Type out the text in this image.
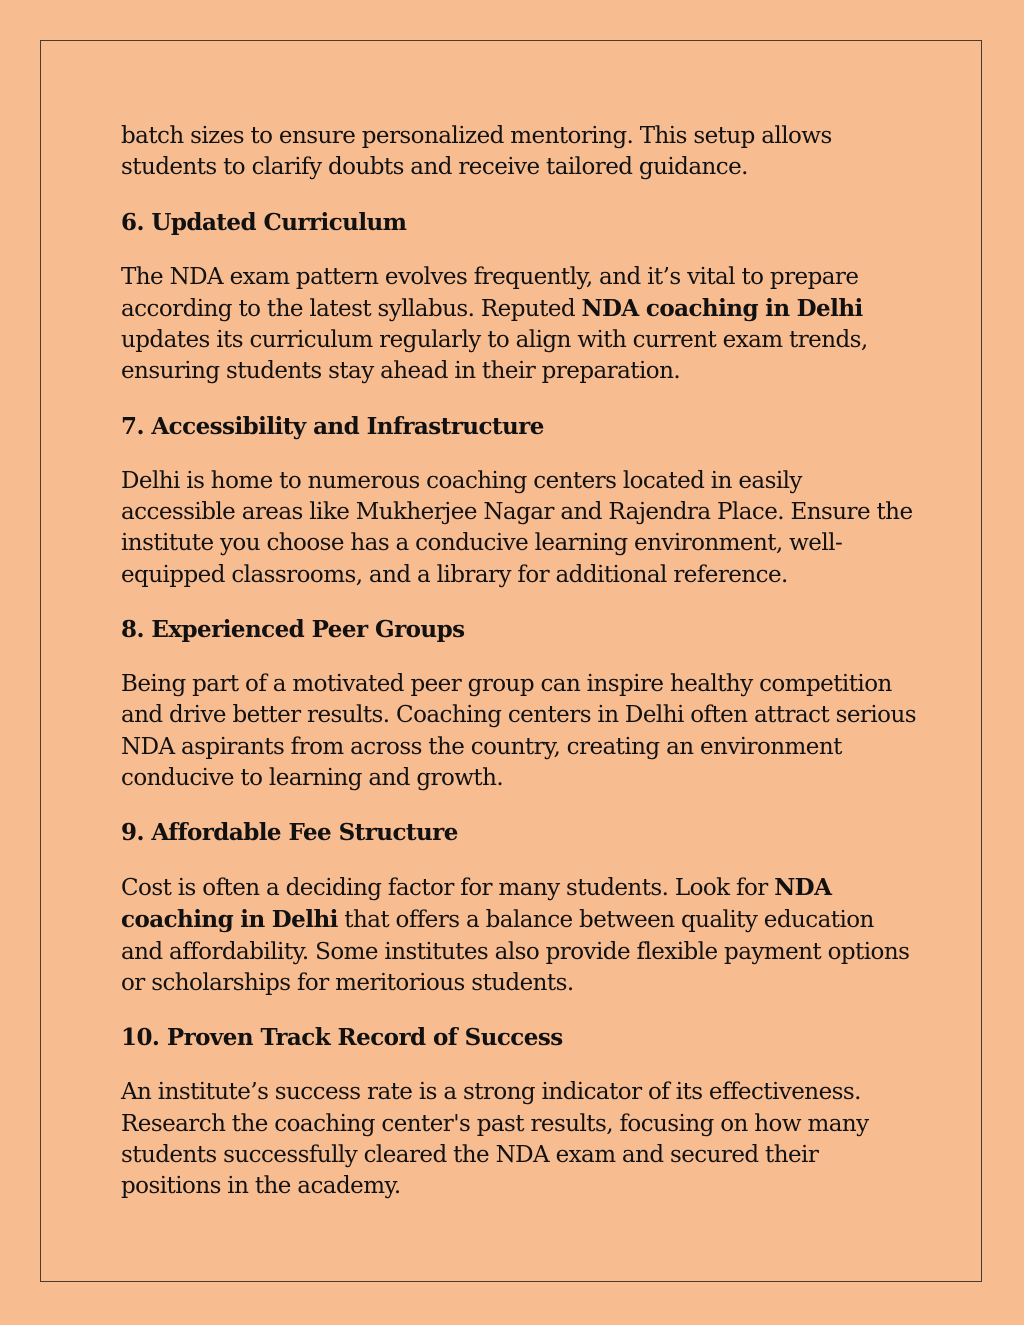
batch sizes to ensure personalized mentoring. This setup allows students to clarify doubts and receive tailored guidance.

6. Updated Curriculum

The NDA exam pattern evolves frequently, and it’s vital to prepare according to the latest syllabus. Reputed NDA coaching in Delhi updates its curriculum regularly to align with current exam trends, ensuring students stay ahead in their preparation.

7. Accessibility and Infrastructure

Delhi is home to numerous coaching centers located in easily accessible areas like Mukherjee Nagar and Rajendra Place. Ensure the institute you choose has a conducive learning environment, well-equipped classrooms, and a library for additional reference.

8. Experienced Peer Groups

Being part of a motivated peer group can inspire healthy competition and drive better results. Coaching centers in Delhi often attract serious NDA aspirants from across the country, creating an environment conducive to learning and growth.

9. Affordable Fee Structure

Cost is often a deciding factor for many students. Look for NDA coaching in Delhi that offers a balance between quality education and affordability. Some institutes also provide flexible payment options or scholarships for meritorious students.

10. Proven Track Record of Success

An institute’s success rate is a strong indicator of its effectiveness. Research the coaching center's past results, focusing on how many students successfully cleared the NDA exam and secured their positions in the academy.
